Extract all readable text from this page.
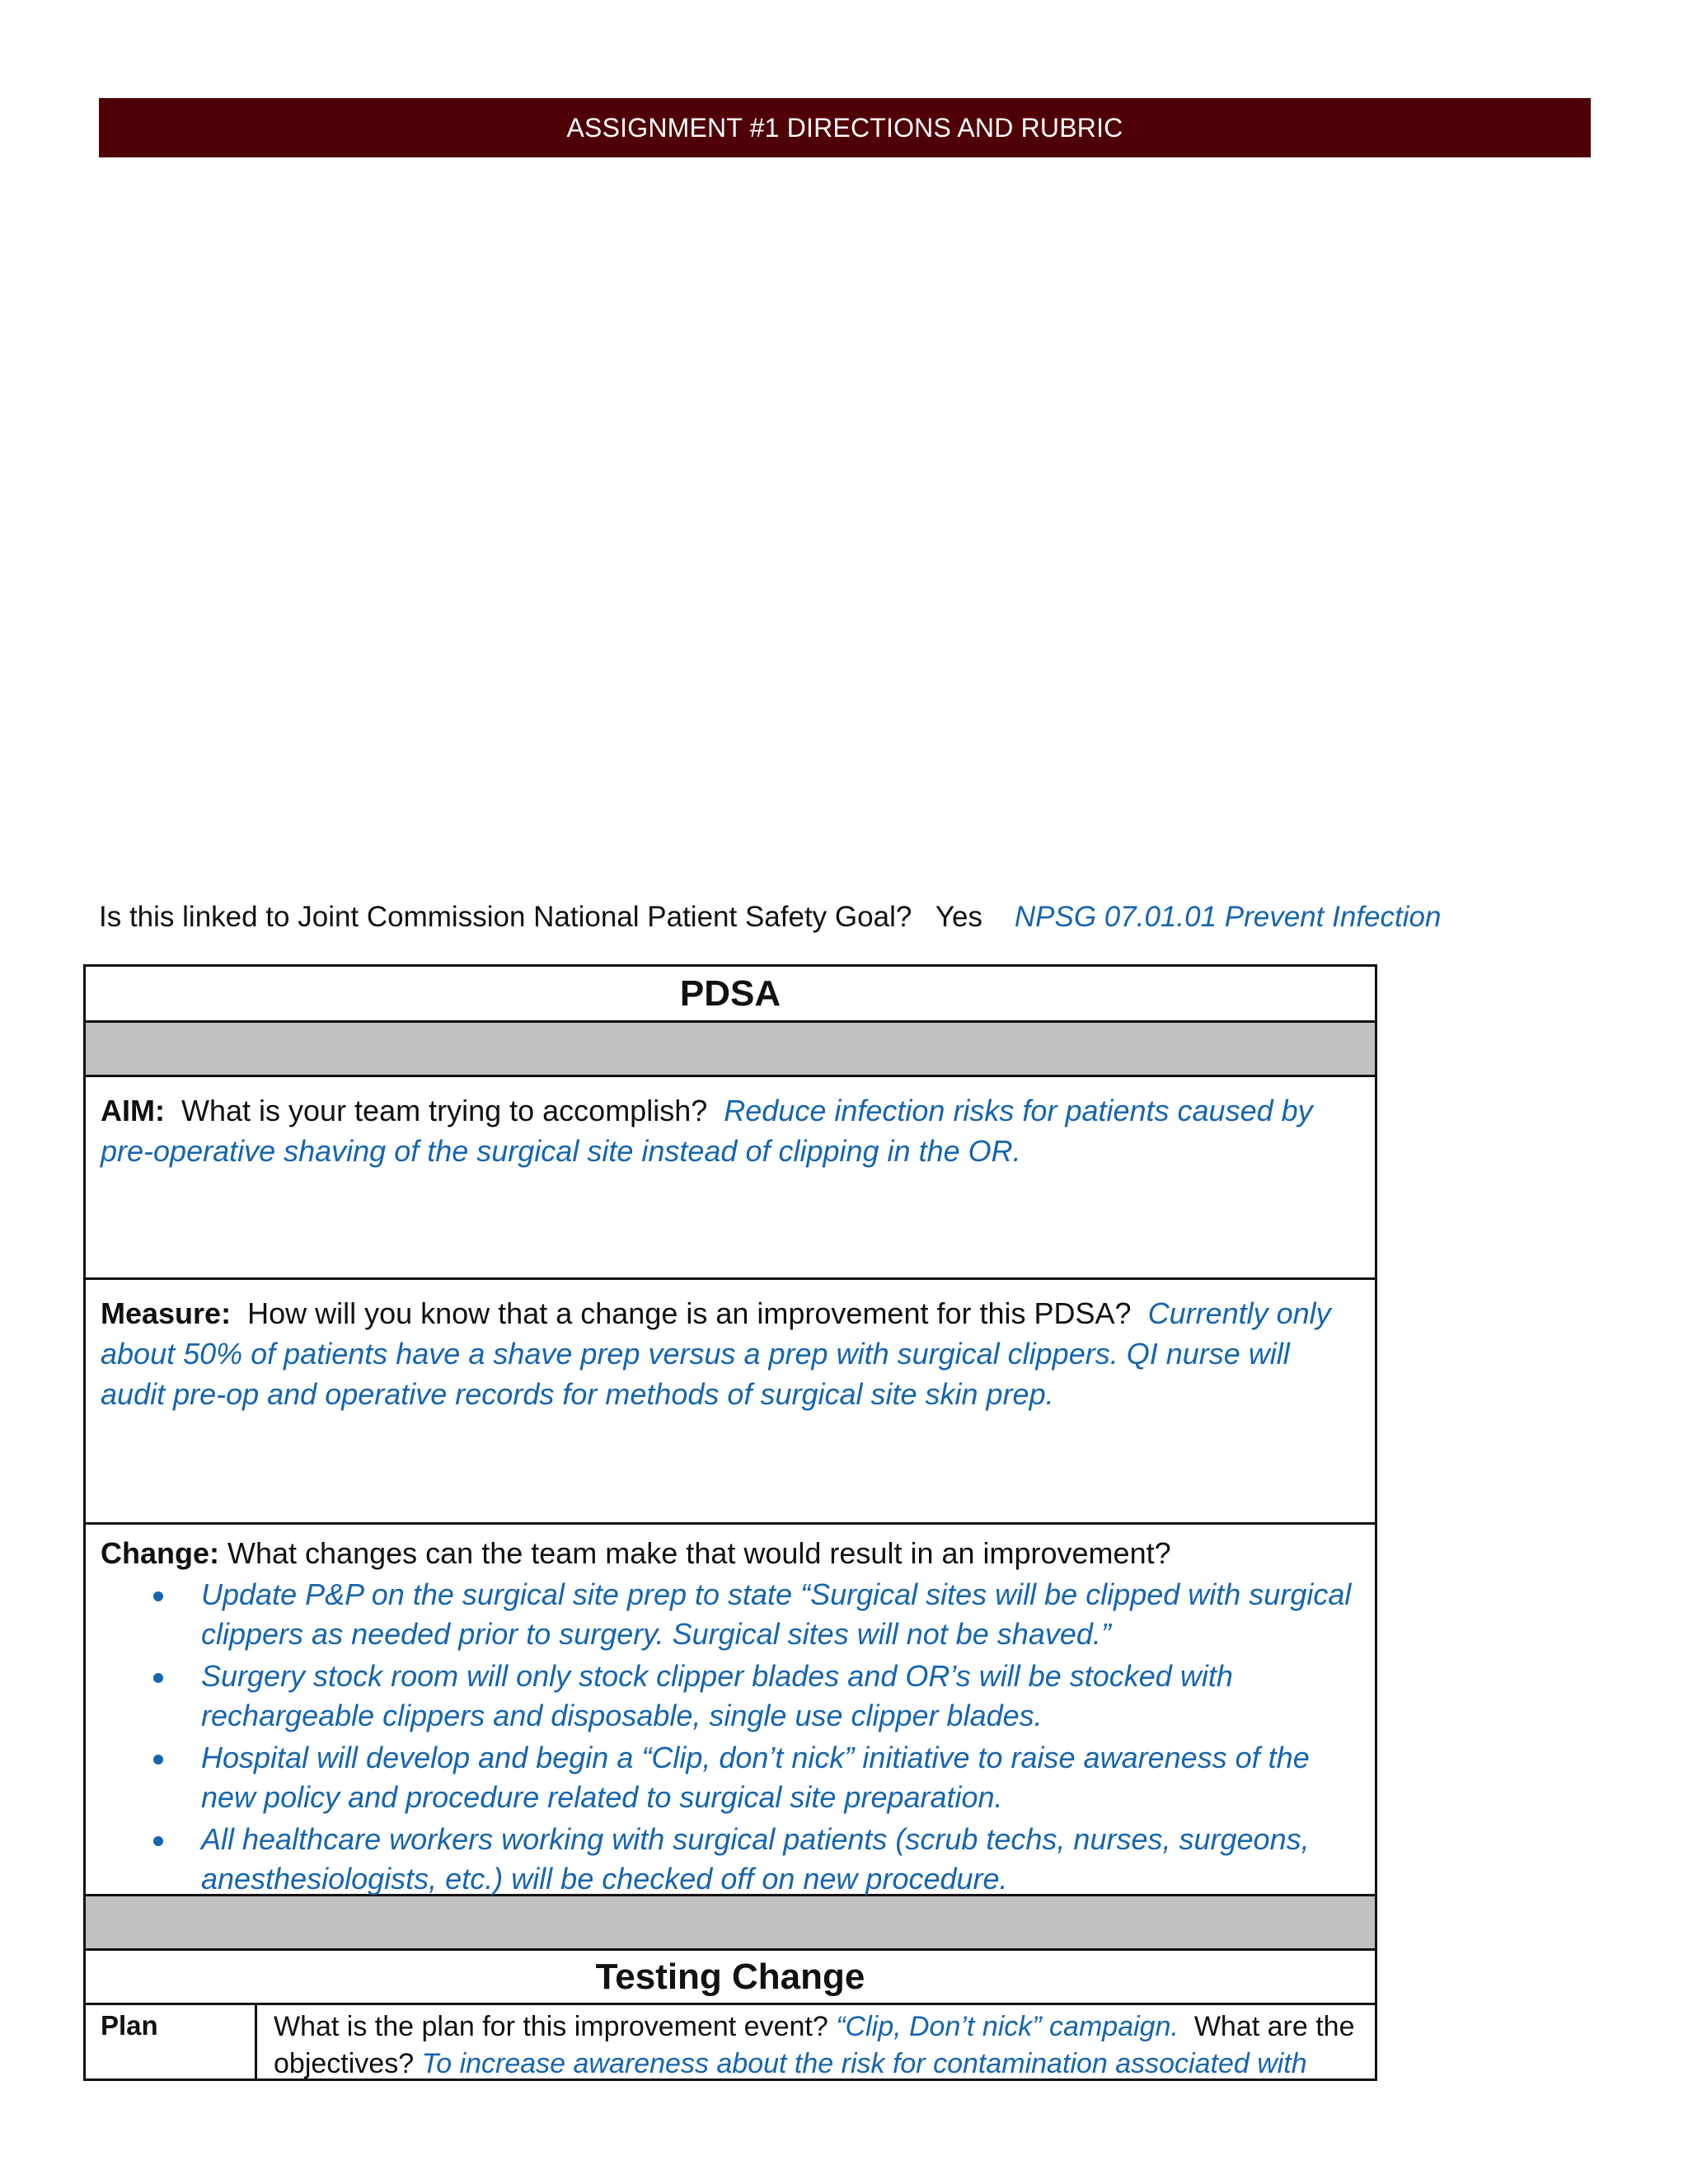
ASSIGNMENT #1 DIRECTIONS AND RUBRIC
Is this linked to Joint Commission National Patient Safety Goal? Yes NPSG 07.01.01 Prevent Infection
PDSA
AIM: What is your team trying to accomplish? Reduce infection risks for patients caused by pre-operative shaving of the surgical site instead of clipping in the OR.
Measure: How will you know that a change is an improvement for this PDSA? Currently only about 50% of patients have a shave prep versus a prep with surgical clippers. QI nurse will audit pre-op and operative records for methods of surgical site skin prep.
Change: What changes can the team make that would result in an improvement?
Update P&P on the surgical site prep to state “Surgical sites will be clipped with surgical clippers as needed prior to surgery. Surgical sites will not be shaved.”
Surgery stock room will only stock clipper blades and OR’s will be stocked with rechargeable clippers and disposable, single use clipper blades.
Hospital will develop and begin a “Clip, don’t nick” initiative to raise awareness of the new policy and procedure related to surgical site preparation.
All healthcare workers working with surgical patients (scrub techs, nurses, surgeons, anesthesiologists, etc.) will be checked off on new procedure.
Testing Change
Plan	What is the plan for this improvement event? “Clip, Don’t nick” campaign. What are the objectives? To increase awareness about the risk for contamination associated with
